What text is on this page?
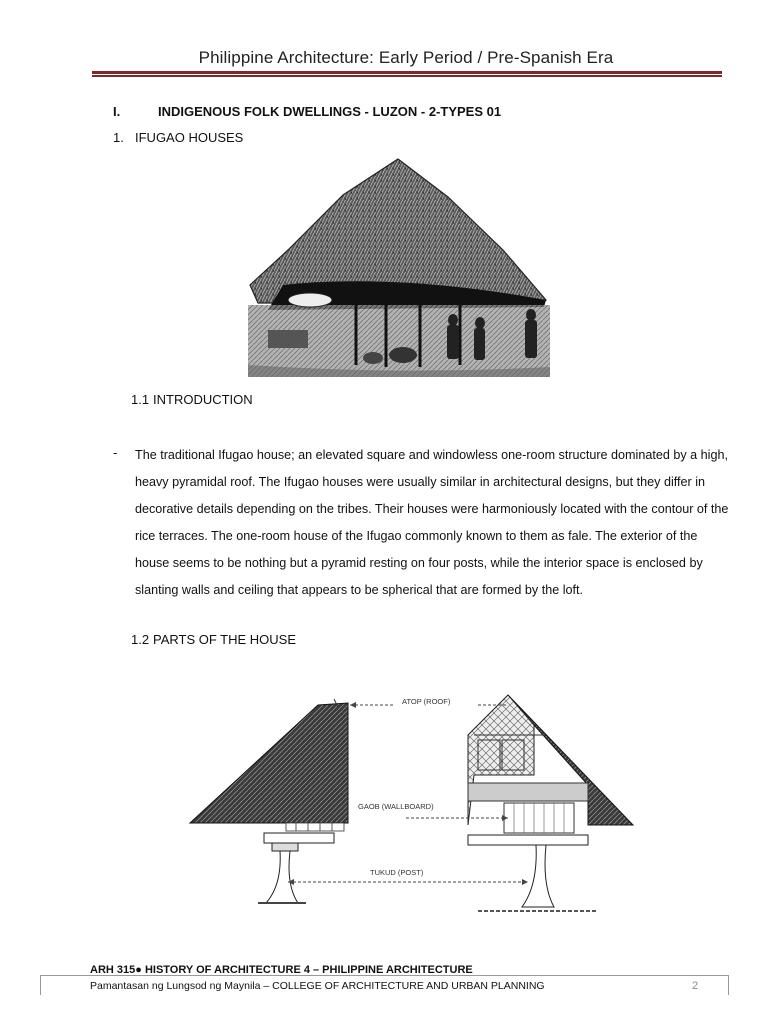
Philippine Architecture: Early Period / Pre-Spanish Era
I.	INDIGENOUS FOLK DWELLINGS - LUZON - 2-TYPES 01
1. IFUGAO HOUSES
1.1 INTRODUCTION
- The traditional Ifugao house; an elevated square and windowless one-room structure dominated by a high,
heavy pyramidal roof. The Ifugao houses were usually similar in architectural designs, but they differ in
decorative details depending on the tribes. Their houses were harmoniously located with the contour of the
rice terraces. The one-room house of the Ifugao commonly known to them as fale. The exterior of the
house seems to be nothing but a pyramid resting on four posts, while the interior space is enclosed by
slanting walls and ceiling that appears to be spherical that are formed by the loft.
1.2 PARTS OF THE HOUSE
ATOP (ROOF)
GAOB (WALLBOARD)
TUKUD (POST)
ARH 315● HISTORY OF ARCHITECTURE 4 – PHILIPPINE ARCHITECTURE
Pamantasan ng Lungsod ng Maynila – COLLEGE OF ARCHITECTURE AND URBAN PLANNING	2
